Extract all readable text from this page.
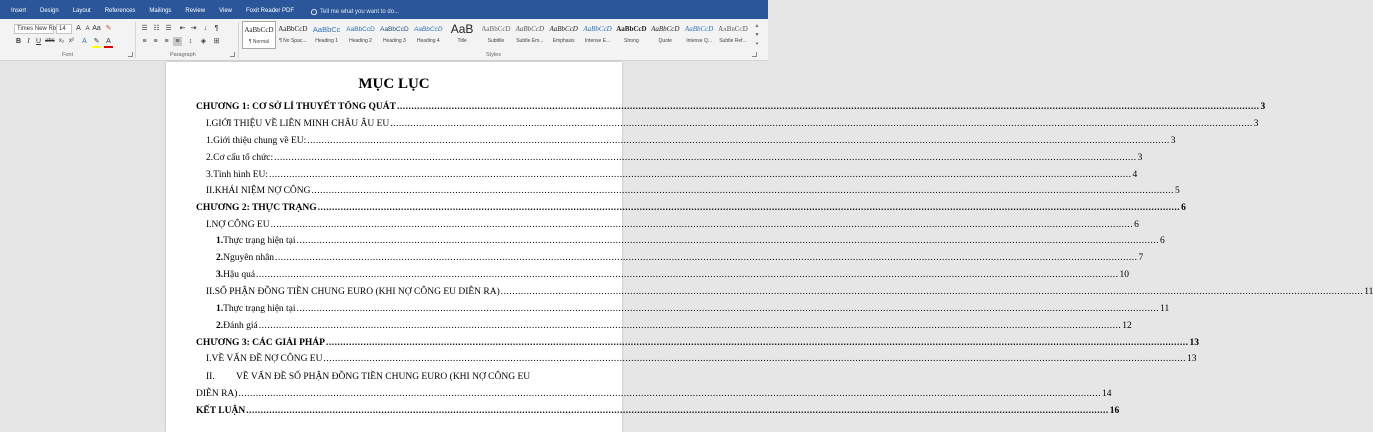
Insert	Design	Layout	References	Mailings	Review	View	Foxit Reader PDF	Tell me what you want to do...
Times New Ro 14	A A Aa ✎
B I U abc x₂ x²	A ✎ A
Font
☰ ☷ ☰ ⇤ ⇥	↓	¶
≡ ≡ ≡ ≡	↕	◈ ⊞
Paragraph
AaBbCcD
¶ Normal
AaBbCcD
¶ No Spac...
AaBbCc
Heading 1
AaBbCcD
Heading 2
AaBbCcD
Heading 3
AaBbCcD
Heading 4
AaB
Title
AaBbCcD
Subtitle
AaBbCcD
Subtle Em...
AaBbCcD
Emphasis
AaBbCcD
Intense E...
AaBbCcD
Strong
AaBbCcD
Quote
AaBbCcD
Intense Q...
AaBbCcD
Subtle Ref...
▲
▼
▾
Styles
MỤC LỤC
CHƯƠNG 1: CƠ SỞ LÍ THUYẾT TỔNG QUÁT ............................................................................................................................................................................................................................................................................................................ 3
I. GIỚI THIỆU VỀ LIÊN MINH CHÂU ÂU EU ............................................................................................................................................................................................................................................................................................................ 3
1. Giới thiệu chung về EU: ............................................................................................................................................................................................................................................................................................................ 3
2. Cơ cấu tổ chức: ............................................................................................................................................................................................................................................................................................................ 3
3. Tình hình EU: ............................................................................................................................................................................................................................................................................................................ 4
II. KHÁI NIỆM NỢ CÔNG ............................................................................................................................................................................................................................................................................................................ 5
CHƯƠNG 2: THỰC TRẠNG ............................................................................................................................................................................................................................................................................................................ 6
I. NỢ CÔNG EU ............................................................................................................................................................................................................................................................................................................ 6
1. Thực trạng hiện tại ............................................................................................................................................................................................................................................................................................................ 6
2. Nguyên nhân ............................................................................................................................................................................................................................................................................................................ 7
3. Hậu quả ............................................................................................................................................................................................................................................................................................................ 10
II. SỐ PHẬN ĐỒNG TIỀN CHUNG EURO (KHI NỢ CÔNG EU DIỄN RA) ............................................................................................................................................................................................................................................................................................................ 11
1. Thực trạng hiện tại ............................................................................................................................................................................................................................................................................................................ 11
2. Đánh giá ............................................................................................................................................................................................................................................................................................................ 12
CHƯƠNG 3: CÁC GIẢI PHÁP ............................................................................................................................................................................................................................................................................................................ 13
I. VỀ VẤN ĐỀ NỢ CÔNG EU ............................................................................................................................................................................................................................................................................................................ 13
II.	VỀ VẤN ĐỀ SỐ PHẬN ĐỒNG TIỀN CHUNG EURO (KHI NỢ CÔNG EU
DIỄN RA) ............................................................................................................................................................................................................................................................................................................ 14
KẾT LUẬN ............................................................................................................................................................................................................................................................................................................ 16
